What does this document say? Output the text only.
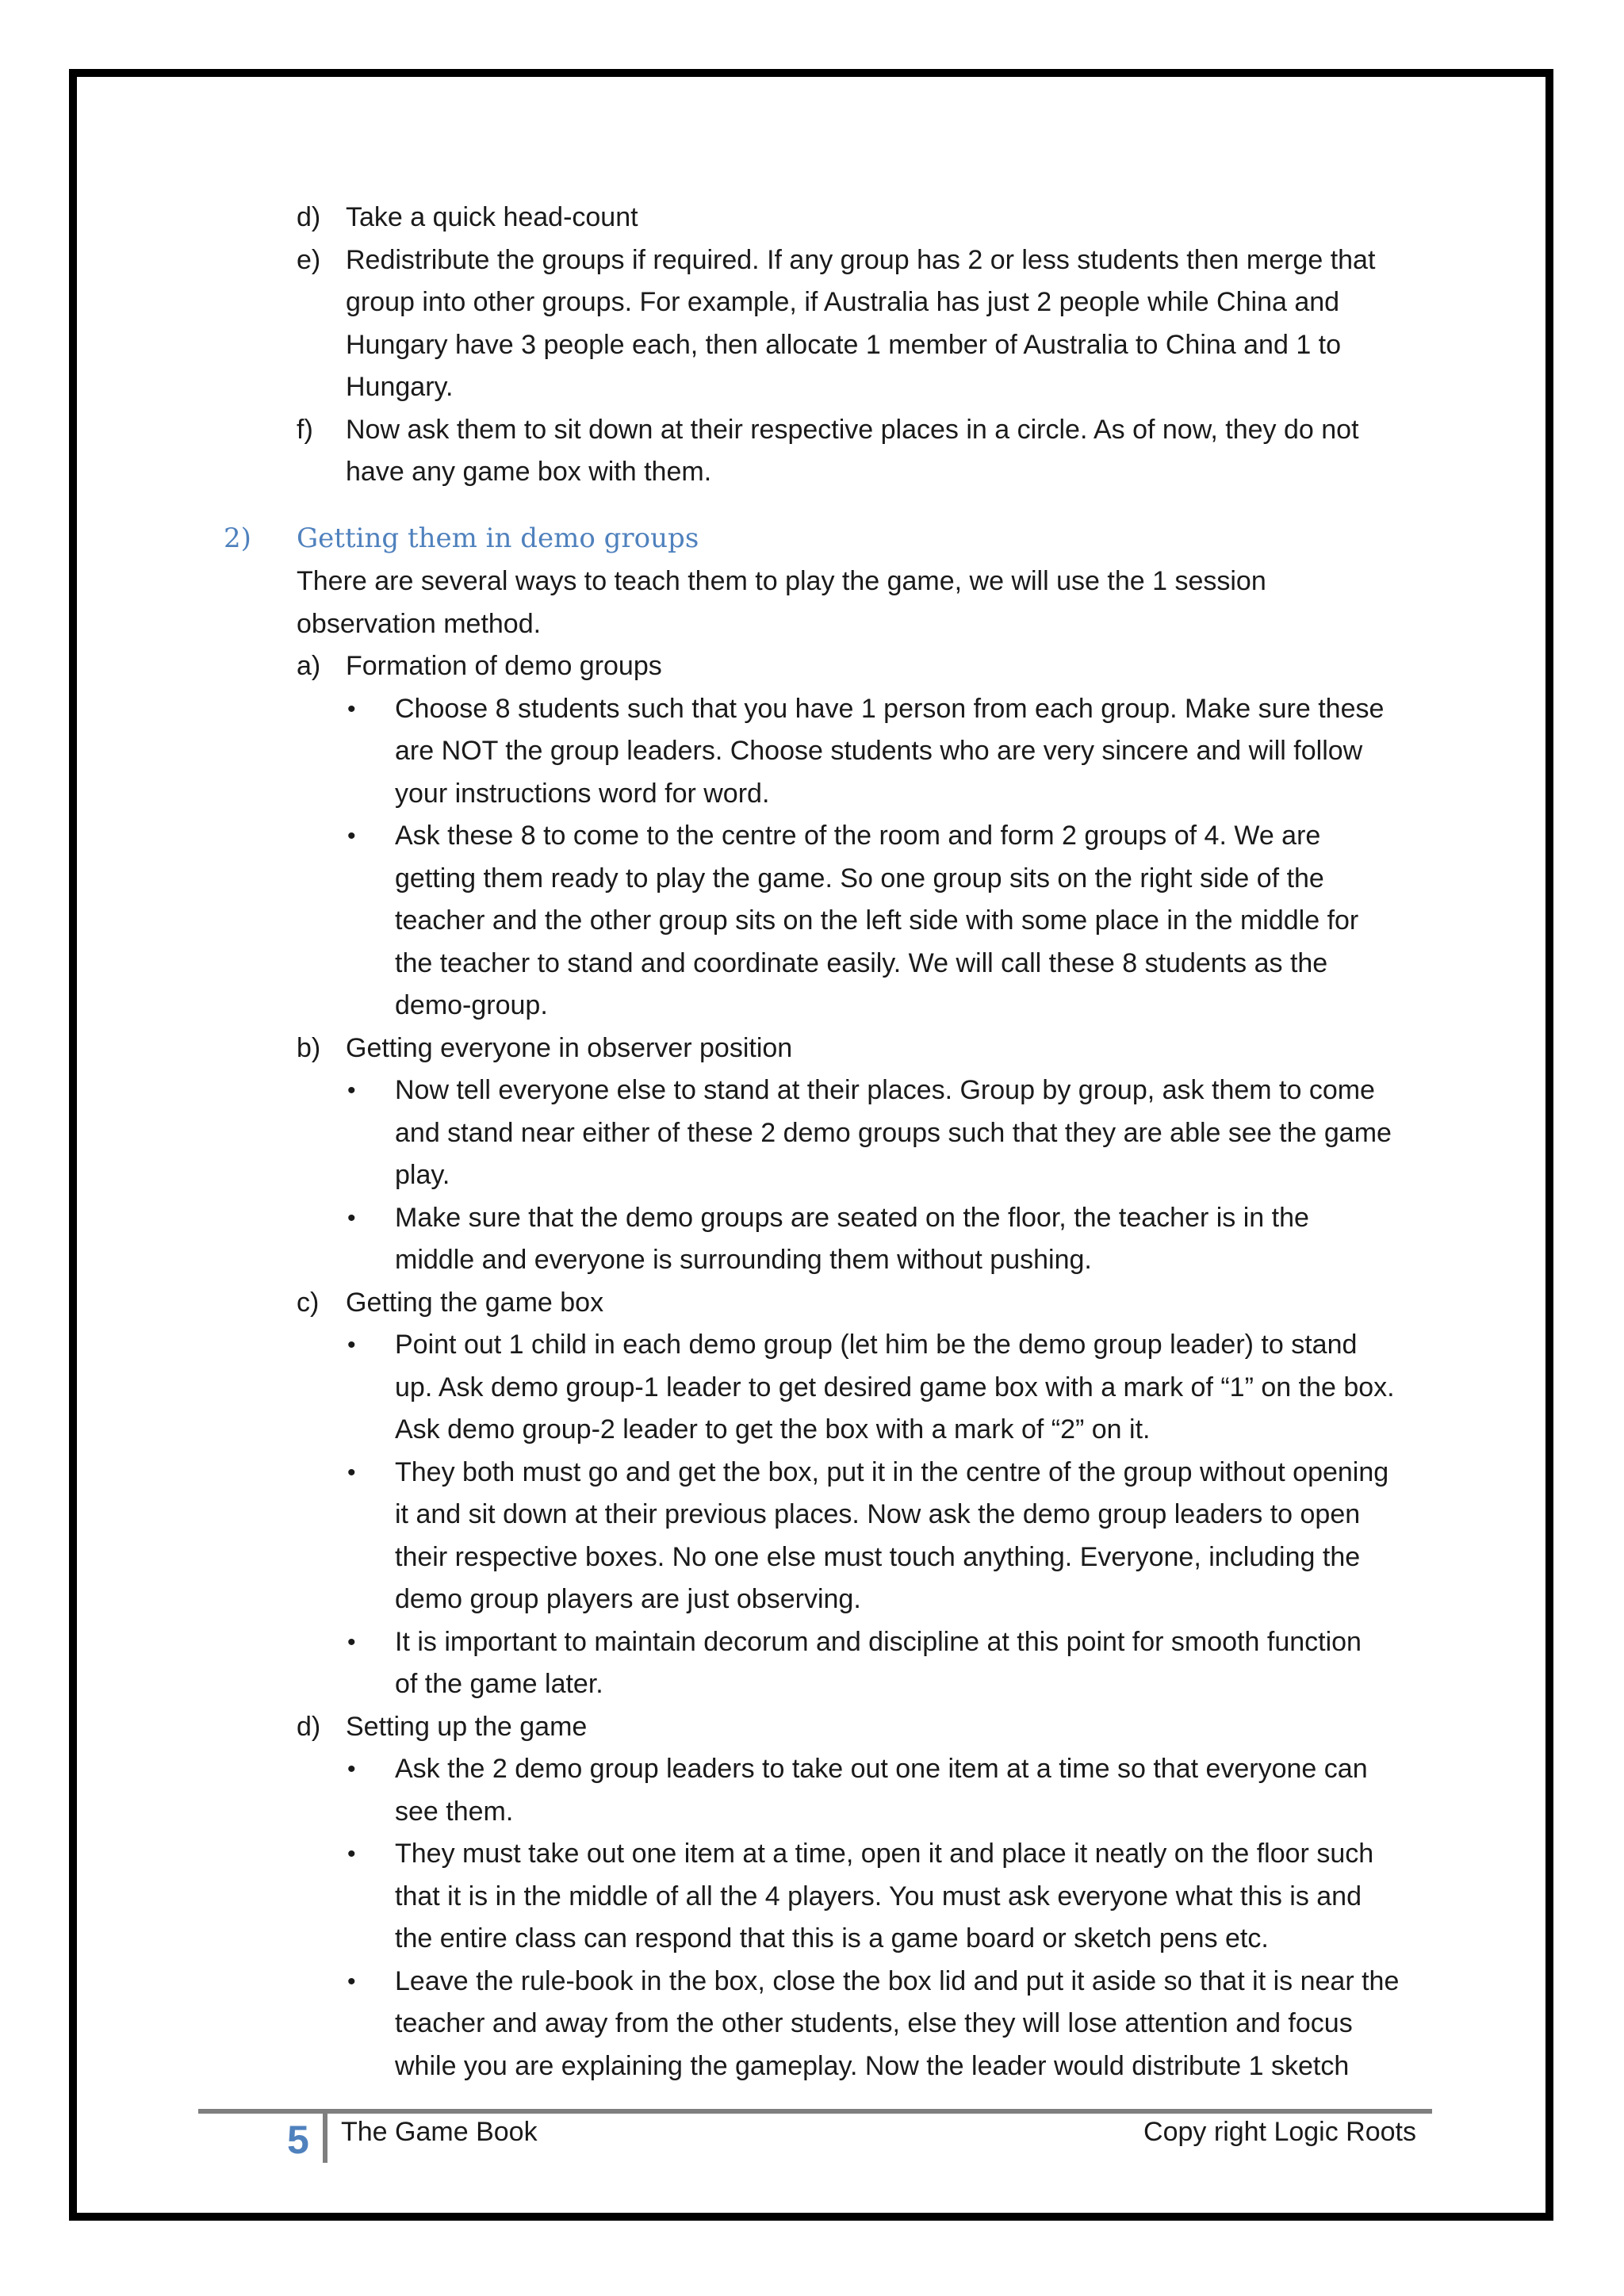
d) Take a quick head-count
e) Redistribute the groups if required. If any group has 2 or less students then merge that
group into other groups. For example, if Australia has just 2 people while China and
Hungary have 3 people each, then allocate 1 member of Australia to China and 1 to
Hungary.
f) Now ask them to sit down at their respective places in a circle. As of now, they do not
have any game box with them.
2) Getting them in demo groups
There are several ways to teach them to play the game, we will use the 1 session
observation method.
a) Formation of demo groups
• Choose 8 students such that you have 1 person from each group. Make sure these
are NOT the group leaders. Choose students who are very sincere and will follow
your instructions word for word.
• Ask these 8 to come to the centre of the room and form 2 groups of 4. We are
getting them ready to play the game. So one group sits on the right side of the
teacher and the other group sits on the left side with some place in the middle for
the teacher to stand and coordinate easily. We will call these 8 students as the
demo-group.
b) Getting everyone in observer position
• Now tell everyone else to stand at their places. Group by group, ask them to come
and stand near either of these 2 demo groups such that they are able see the game
play.
• Make sure that the demo groups are seated on the floor, the teacher is in the
middle and everyone is surrounding them without pushing.
c) Getting the game box
• Point out 1 child in each demo group (let him be the demo group leader) to stand
up. Ask demo group-1 leader to get desired game box with a mark of “1” on the box.
Ask demo group-2 leader to get the box with a mark of “2” on it.
• They both must go and get the box, put it in the centre of the group without opening
it and sit down at their previous places. Now ask the demo group leaders to open
their respective boxes. No one else must touch anything. Everyone, including the
demo group players are just observing.
• It is important to maintain decorum and discipline at this point for smooth function
of the game later.
d) Setting up the game
• Ask the 2 demo group leaders to take out one item at a time so that everyone can
see them.
• They must take out one item at a time, open it and place it neatly on the floor such
that it is in the middle of all the 4 players. You must ask everyone what this is and
the entire class can respond that this is a game board or sketch pens etc.
• Leave the rule-book in the box, close the box lid and put it aside so that it is near the
teacher and away from the other students, else they will lose attention and focus
while you are explaining the gameplay. Now the leader would distribute 1 sketch
5 The Game Book	Copy right Logic Roots
